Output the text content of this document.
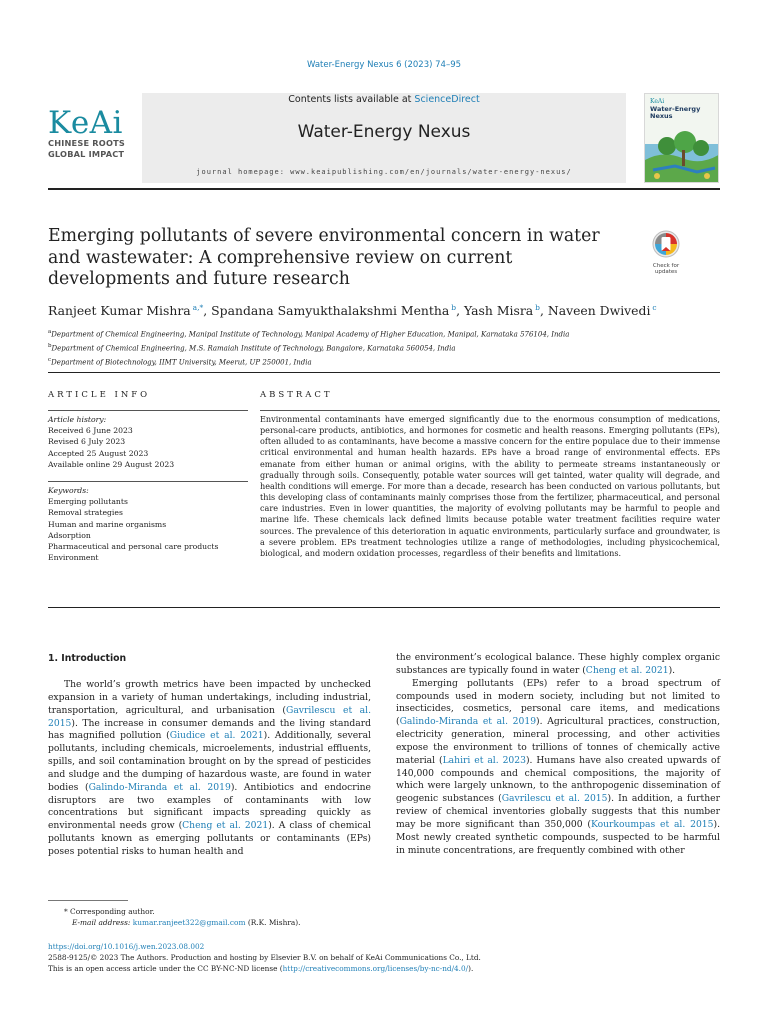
Water-Energy Nexus 6 (2023) 74–95
KeAi
CHINESE ROOTS
GLOBAL IMPACT
Contents lists available at ScienceDirect
Water-Energy Nexus
journal homepage: www.keaipublishing.com/en/journals/water-energy-nexus/
KeAi
Water-Energy Nexus
Emerging pollutants of severe environmental concern in water and wastewater: A comprehensive review on current developments and future research
Check for updates
Ranjeet Kumar Mishra $^{a,*}$, Spandana Samyukthalakshmi Mentha $^b$, Yash Misra $^b$, Naveen Dwivedi $^c$
$^a$Department of Chemical Engineering, Manipal Institute of Technology, Manipal Academy of Higher Education, Manipal, Karnataka 576104, India
$^b$Department of Chemical Engineering, M.S. Ramaiah Institute of Technology, Bangalore, Karnataka 560054, India
$^c$Department of Biotechnology, IIMT University, Meerut, UP 250001, India
ARTICLE INFO	ABSTRACT
Article history:
Received 6 June 2023
Revised 6 July 2023
Accepted 25 August 2023
Available online 29 August 2023
Keywords:
Emerging pollutants
Removal strategies
Human and marine organisms
Adsorption
Pharmaceutical and personal care products
Environment
Environmental contaminants have emerged significantly due to the enormous consumption of medications, personal-care products, antibiotics, and hormones for cosmetic and health reasons. Emerging pollutants (EPs), often alluded to as contaminants, have become a massive concern for the entire populace due to their immense critical environmental and human health hazards. EPs have a broad range of environmental effects. EPs emanate from either human or animal origins, with the ability to permeate streams instantaneously or gradually through soils. Consequently, potable water sources will get tainted, water quality will degrade, and health conditions will emerge. For more than a decade, research has been conducted on various pollutants, but this developing class of contaminants mainly comprises those from the fertilizer, pharmaceutical, and personal care industries. Even in lower quantities, the majority of evolving pollutants may be harmful to people and marine life. These chemicals lack defined limits because potable water treatment facilities require water sources. The prevalence of this deterioration in aquatic environments, particularly surface and groundwater, is a severe problem. EPs treatment technologies utilize a range of methodologies, including physicochemical, biological, and modern oxidation processes, regardless of their benefits and limitations.
1. Introduction

The world’s growth metrics have been impacted by unchecked expansion in a variety of human undertakings, including industrial, transportation, agricultural, and urbanisation (Gavrilescu et al. 2015). The increase in consumer demands and the living standard has magnified pollution (Giudice et al. 2021). Additionally, several pollutants, including chemicals, microelements, industrial effluents, spills, and soil contamination brought on by the spread of pesticides and sludge and the dumping of hazardous waste, are found in water bodies (Galindo-Miranda et al. 2019). Antibiotics and endocrine disruptors are two examples of contaminants with low concentrations but significant impacts spreading quickly as environmental needs grow (Cheng et al. 2021). A class of chemical pollutants known as emerging pollutants or contaminants (EPs) poses potential risks to human health and

the environment’s ecological balance. These highly complex organic substances are typically found in water (Cheng et al. 2021).

Emerging pollutants (EPs) refer to a broad spectrum of compounds used in modern society, including but not limited to insecticides, cosmetics, personal care items, and medications (Galindo-Miranda et al. 2019). Agricultural practices, construction, electricity generation, mineral processing, and other activities expose the environment to trillions of tonnes of chemically active material (Lahiri et al. 2023). Humans have also created upwards of 140,000 compounds and chemical compositions, the majority of which were largely unknown, to the anthropogenic dissemination of geogenic substances (Gavrilescu et al. 2015). In addition, a further review of chemical inventories globally suggests that this number may be more significant than 350,000 (Kourkoumpas et al. 2015). Most newly created synthetic compounds, suspected to be harmful in minute concentrations, are frequently combined with other

* Corresponding author.
E-mail address: kumar.ranjeet322@gmail.com (R.K. Mishra).
https://doi.org/10.1016/j.wen.2023.08.002
2588-9125/© 2023 The Authors. Production and hosting by Elsevier B.V. on behalf of KeAi Communications Co., Ltd.
This is an open access article under the CC BY-NC-ND license (http://creativecommons.org/licenses/by-nc-nd/4.0/).
